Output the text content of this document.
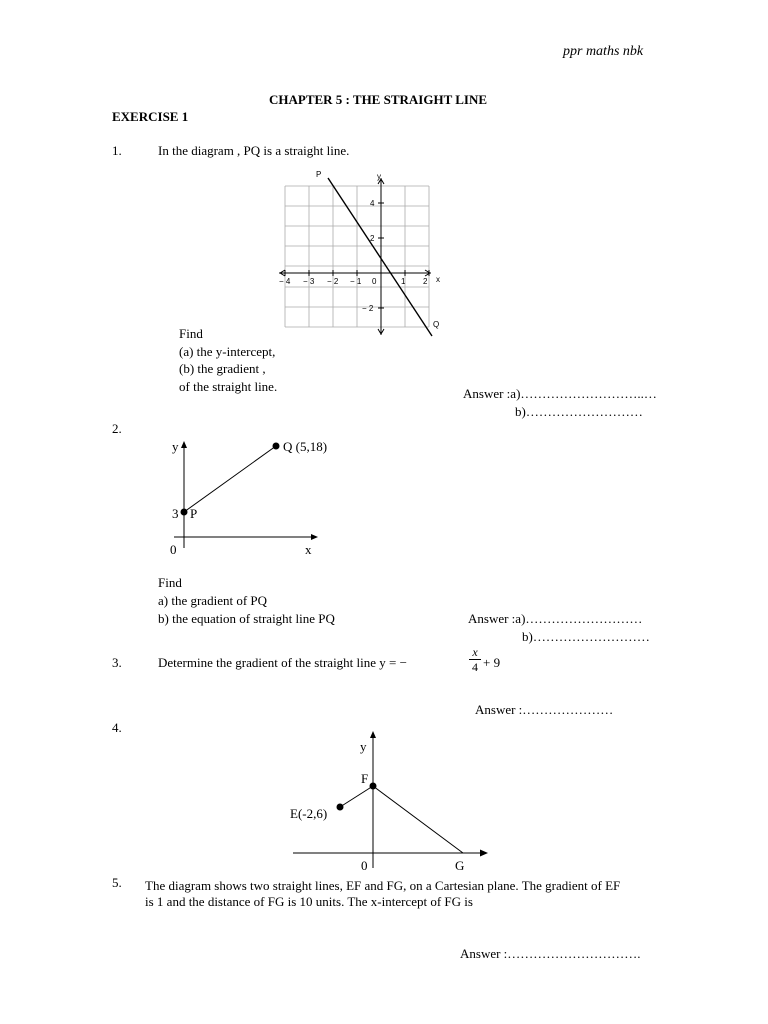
ppr maths nbk
CHAPTER 5 : THE STRAIGHT LINE
EXERCISE 1
1.	In the diagram , PQ is a straight line.
P
Q
y
x
− 4 − 3 − 2 − 1 0	1 2
4
2
− 2
Find
(a) the y-intercept,
(b) the gradient ,
of the straight line.	Answer :a)………………………..…
b)………………………
2.
y	Q (5,18)
3 P
0	x
Find
a) the gradient of PQ
b) the equation of straight line PQ	Answer :a)………………………
b)………………………
3.	Determine the gradient of the straight line y = −
x
4 + 9
Answer :…………………
4.
y
F
E(-2,6)
0	G
5. The diagram shows two straight lines, EF and FG, on a Cartesian plane. The gradient of EF
is 1 and the distance of FG is 10 units. The x-intercept of FG is
Answer :………………………….
